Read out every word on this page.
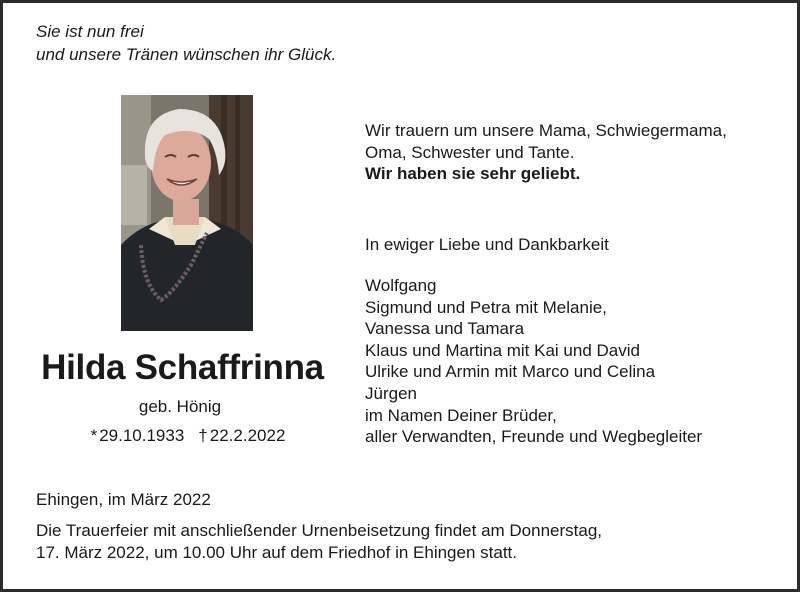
Sie ist nun frei
und unsere Tränen wünschen ihr Glück.
Hilda Schaffrinna
geb. Hönig
* 29.10.1933 † 22.2.2022
Wir trauern um unsere Mama, Schwiegermama,
Oma, Schwester und Tante.
Wir haben sie sehr geliebt.
In ewiger Liebe und Dankbarkeit
Wolfgang
Sigmund und Petra mit Melanie,
Vanessa und Tamara
Klaus und Martina mit Kai und David
Ulrike und Armin mit Marco und Celina
Jürgen
im Namen Deiner Brüder,
aller Verwandten, Freunde und Wegbegleiter
Ehingen, im März 2022
Die Trauerfeier mit anschließender Urnenbeisetzung findet am Donnerstag,
17. März 2022, um 10.00 Uhr auf dem Friedhof in Ehingen statt.
